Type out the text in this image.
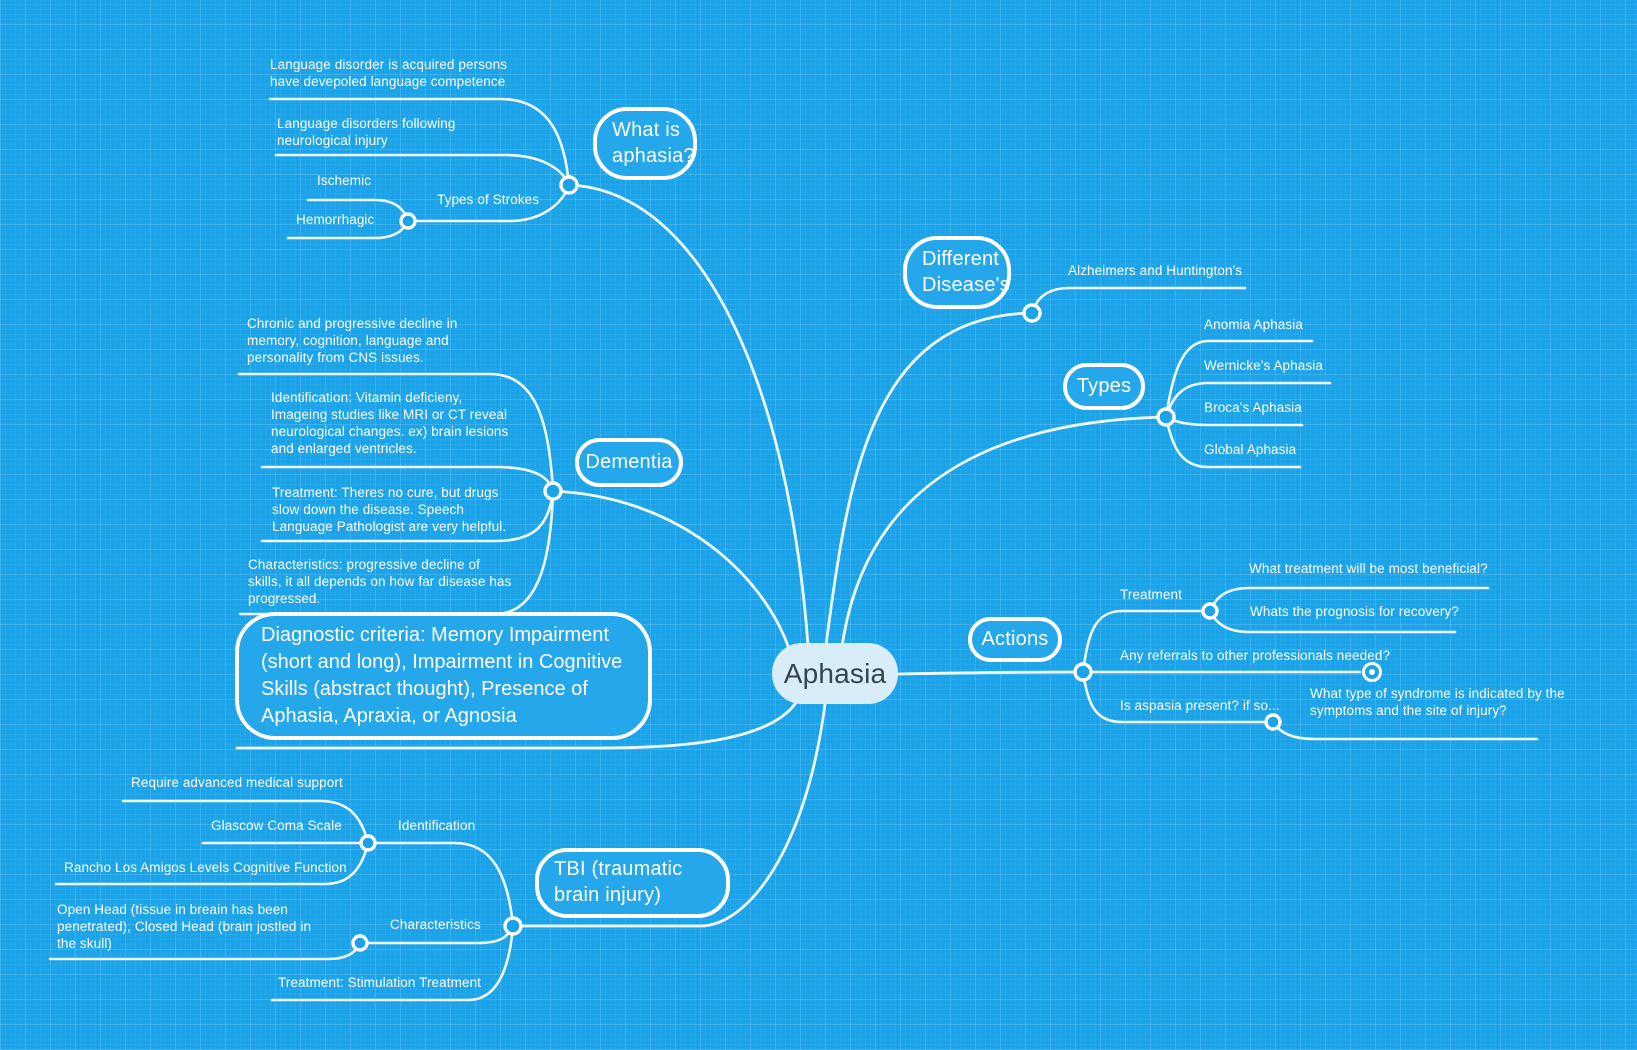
Aphasia
What is aphasia?
Different Disease's
Types
Dementia
Actions
TBI (traumatic brain injury)
Diagnostic criteria: Memory Impairment (short and long), Impairment in Cognitive Skills (abstract thought), Presence of Aphasia, Apraxia, or Agnosia
Language disorder is acquired persons have devepoled language competence
Language disorders following neurological injury
Types of Strokes
Ischemic
Hemorrhagic
Alzheimers and Huntington's
Anomia Aphasia
Wernicke's Aphasia
Broca's Aphasia
Global Aphasia
Chronic and progressive decline in memory, cognition, language and personality from CNS issues.
Identification: Vitamin deficieny, Imageing studies like MRI or CT reveal neurological changes. ex) brain lesions and enlarged ventricles.
Treatment: Theres no cure, but drugs slow down the disease. Speech Language Pathologist are very helpful.
Characteristics: progressive decline of skills, it all depends on how far disease has progressed.	Treatment
What treatment will be most beneficial?
Whats the prognosis for recovery?
Any referrals to other professionals needed?
Is aspasia present? if so...
What type of syndrome is indicated by the symptoms and the site of injury?
Require advanced medical support
Glascow Coma Scale	Identification
Rancho Los Amigos Levels Cognitive Function
Open Head (tissue in breain has been penetrated), Closed Head (brain jostled in the skull)
Characteristics
Treatment: Stimulation Treatment
